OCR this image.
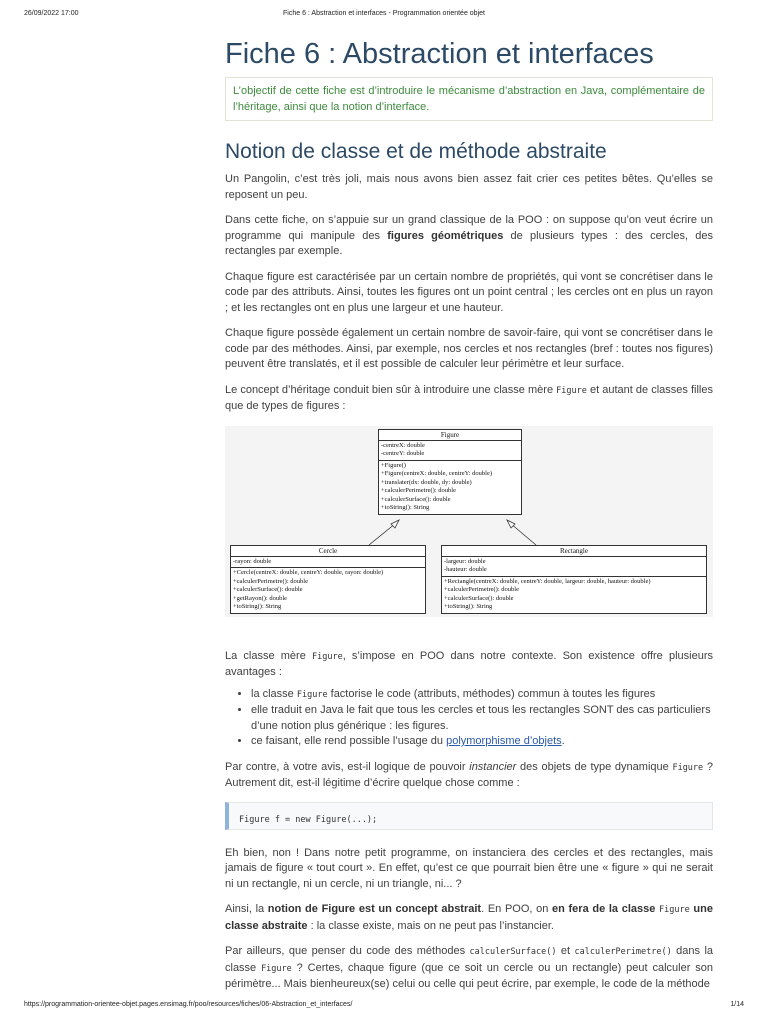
26/09/2022 17:00	Fiche 6 : Abstraction et interfaces - Programmation orientée objet
Fiche 6 : Abstraction et interfaces
L’objectif de cette fiche est d’introduire le mécanisme d’abstraction en Java, complémentaire de l’héritage, ainsi que la notion d’interface.
Notion de classe et de méthode abstraite

Un Pangolin, c’est très joli, mais nous avons bien assez fait crier ces petites bêtes. Qu’elles se reposent un peu.

Dans cette fiche, on s’appuie sur un grand classique de la POO : on suppose qu’on veut écrire un programme qui manipule des figures géométriques de plusieurs types : des cercles, des rectangles par exemple.

Chaque figure est caractérisée par un certain nombre de propriétés, qui vont se concrétiser dans le code par des attributs. Ainsi, toutes les figures ont un point central ; les cercles ont en plus un rayon ; et les rectangles ont en plus une largeur et une hauteur.

Chaque figure possède également un certain nombre de savoir-faire, qui vont se concrétiser dans le code par des méthodes. Ainsi, par exemple, nos cercles et nos rectangles (bref : toutes nos figures) peuvent être translatés, et il est possible de calculer leur périmètre et leur surface.

Le concept d’héritage conduit bien sûr à introduire une classe mère Figure et autant de classes filles que de types de figures :

Figure
-centreX: double
-centreY: double
+Figure()
+Figure(centreX: double, centreY: double)
+translater(dx: double, dy: double)
+calculerPerimetre(): double
+calculerSurface(): double
+toString(): String
Cercle
-rayon: double
+Cercle(centreX: double, centreY: double, rayon: double)
+calculerPerimetre(): double
+calculerSurface(): double
+getRayon(): double
+toString(): String
Rectangle
-largeur: double
-hauteur: double
+Rectangle(centreX: double, centreY: double, largeur: double, hauteur: double)
+calculerPerimetre(): double
+calculerSurface(): double
+toString(): String

La classe mère Figure, s’impose en POO dans notre contexte. Son existence offre plusieurs avantages :

• la classe Figure factorise le code (attributs, méthodes) commun à toutes les figures
• elle traduit en Java le fait que tous les cercles et tous les rectangles SONT des cas particuliers d’une notion plus générique : les figures.
• ce faisant, elle rend possible l’usage du polymorphisme d’objets.

Par contre, à votre avis, est-il logique de pouvoir instancier des objets de type dynamique Figure ? Autrement dit, est-il légitime d’écrire quelque chose comme :

Figure f = new Figure(...);

Eh bien, non ! Dans notre petit programme, on instanciera des cercles et des rectangles, mais jamais de figure « tout court ». En effet, qu’est ce que pourrait bien être une « figure » qui ne serait ni un rectangle, ni un cercle, ni un triangle, ni... ?

Ainsi, la notion de Figure est un concept abstrait. En POO, on en fera de la classe Figure une classe abstraite : la classe existe, mais on ne peut pas l’instancier.

Par ailleurs, que penser du code des méthodes calculerSurface() et calculerPerimetre() dans la classe Figure ? Certes, chaque figure (que ce soit un cercle ou un rectangle) peut calculer son périmètre... Mais bienheureux(se) celui ou celle qui peut écrire, par exemple, le code de la méthode

https://programmation-orientee-objet.pages.ensimag.fr/poo/resources/fiches/06-Abstraction_et_interfaces/	1/14
